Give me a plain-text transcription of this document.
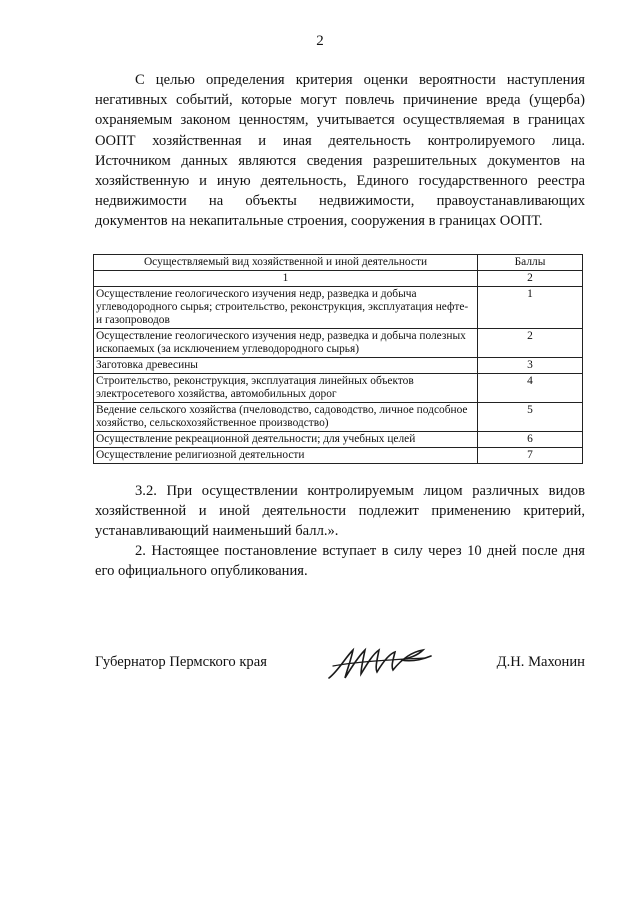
2

С целью определения критерия оценки вероятности наступления негативных событий, которые могут повлечь причинение вреда (ущерба) охраняемым законом ценностям, учитывается осуществляемая в границах ООПТ хозяйственная и иная деятельность контролируемого лица. Источником данных являются сведения разрешительных документов на хозяйственную и иную деятельность, Единого государственного реестра недвижимости на объекты недвижимости, правоустанавливающих документов на некапитальные строения, сооружения в границах ООПТ.

Осуществляемый вид хозяйственной и иной деятельности	Баллы
1	2
Осуществление геологического изучения недр, разведка и добыча углеводородного сырья; строительство, реконструкция, эксплуатация нефте- и газопроводов	1
Осуществление геологического изучения недр, разведка и добыча полезных ископаемых (за исключением углеводородного сырья)	2
Заготовка древесины	3
Строительство, реконструкция, эксплуатация линейных объектов электросетевого хозяйства, автомобильных дорог	4
Ведение сельского хозяйства (пчеловодство, садоводство, личное подсобное хозяйство, сельскохозяйственное производство)	5
Осуществление рекреационной деятельности; для учебных целей	6
Осуществление религиозной деятельности	7

3.2. При осуществлении контролируемым лицом различных видов хозяйственной и иной деятельности подлежит применению критерий, устанавливающий наименьший балл.».

2. Настоящее постановление вступает в силу через 10 дней после дня его официального опубликования.

Губернатор Пермского края	Д.Н. Махонин
